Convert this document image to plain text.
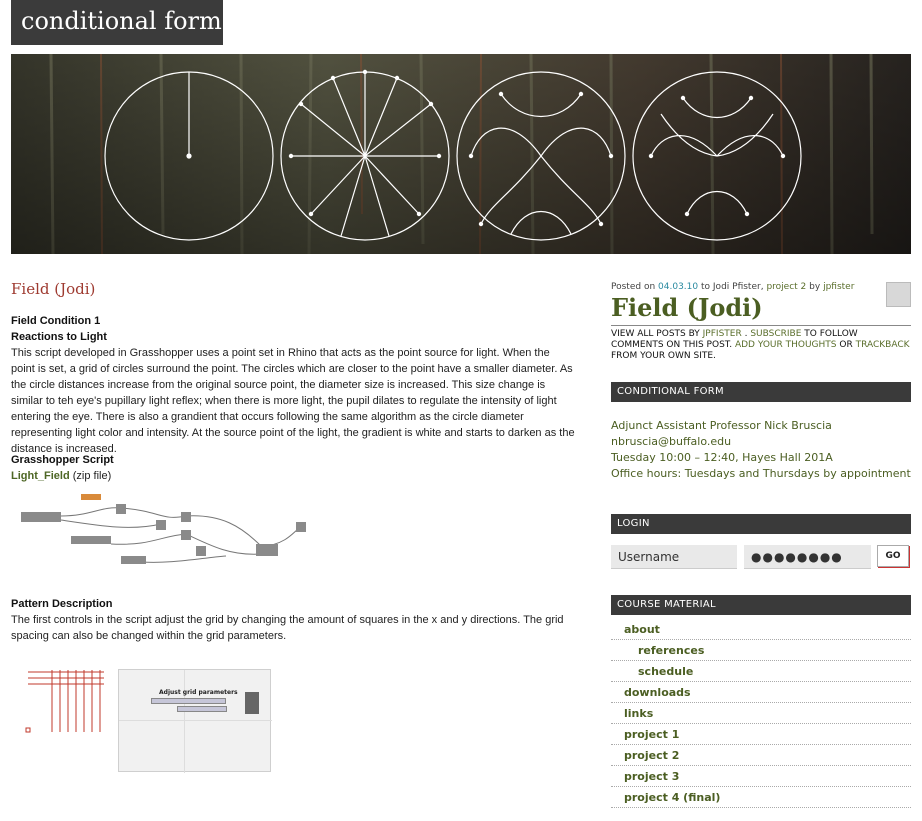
conditional form
Field (Jodi)
Field Condition 1
Reactions to Light
This script developed in Grasshopper uses a point set in Rhino that acts as the point source for light. When the point is set, a grid of circles surround the point. The circles which are closer to the point have a smaller diameter. As the circle distances increase from the original source point, the diameter size is increased. This size change is similar to teh eye's pupillary light reflex; when there is more light, the pupil dilates to regulate the intensity of light entering the eye. There is also a grandient that occurs following the same algorithm as the circle diameter representing light color and intensity. At the source point of the light, the gradient is white and starts to darken as the distance is increased.
Grasshopper Script
Light_Field (zip file)
Pattern Description
The first controls in the script adjust the grid by changing the amount of squares in the x and y directions. The grid spacing can also be changed within the grid parameters.
Adjust grid parameters
Posted on 04.03.10 to Jodi Pfister, project 2 by jpfister
Field (Jodi)
VIEW ALL POSTS BY JPFISTER . SUBSCRIBE TO FOLLOW COMMENTS ON THIS POST. ADD YOUR THOUGHTS OR TRACKBACK FROM YOUR OWN SITE.
CONDITIONAL FORM
Adjunct Assistant Professor Nick Bruscia
nbruscia@buffalo.edu
Tuesday 10:00 – 12:40, Hayes Hall 201A
Office hours: Tuesdays and Thursdays by appointment
LOGIN
Username	●●●●●●●●	GO
COURSE MATERIAL
about
references
schedule
downloads
links
project 1
project 2
project 3
project 4 (final)
